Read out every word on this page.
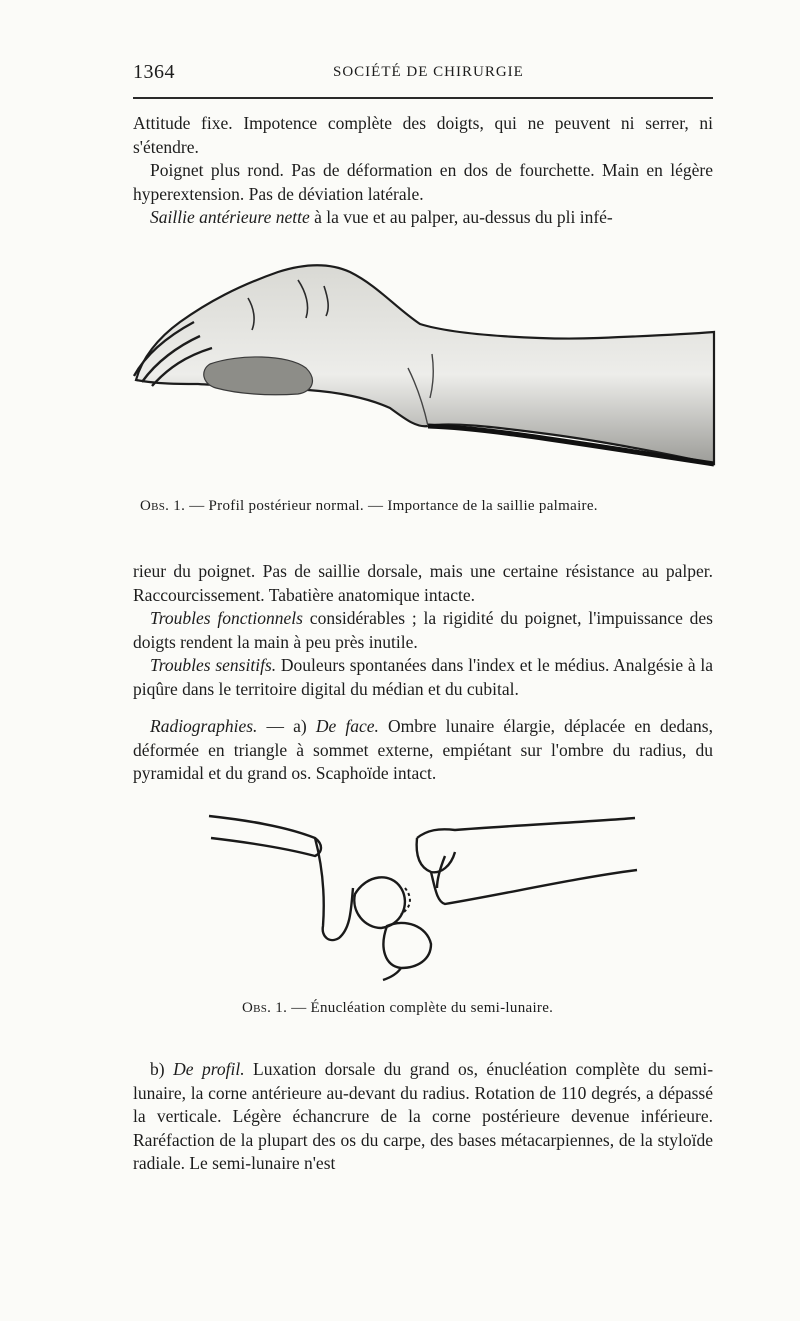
1364	SOCIÉTÉ DE CHIRURGIE

Attitude fixe. Impotence complète des doigts, qui ne peuvent ni serrer, ni s'étendre.

Poignet plus rond. Pas de déformation en dos de fourchette. Main en légère hyperextension. Pas de déviation latérale.

Saillie antérieure nette à la vue et au palper, au-dessus du pli infé-

Obs. 1. — Profil postérieur normal. — Importance de la saillie palmaire.

rieur du poignet. Pas de saillie dorsale, mais une certaine résistance au palper. Raccourcissement. Tabatière anatomique intacte.

Troubles fonctionnels considérables ; la rigidité du poignet, l'impuissance des doigts rendent la main à peu près inutile.

Troubles sensitifs. Douleurs spontanées dans l'index et le médius. Analgésie à la piqûre dans le territoire digital du médian et du cubital.

Radiographies. — a) De face. Ombre lunaire élargie, déplacée en dedans, déformée en triangle à sommet externe, empiétant sur l'ombre du radius, du pyramidal et du grand os. Scaphoïde intact.

Obs. 1. — Énucléation complète du semi-lunaire.

b) De profil. Luxation dorsale du grand os, énucléation complète du semi-lunaire, la corne antérieure au-devant du radius. Rotation de 110 degrés, a dépassé la verticale. Légère échancrure de la corne postérieure devenue inférieure. Raréfaction de la plupart des os du carpe, des bases métacarpiennes, de la styloïde radiale. Le semi-lunaire n'est
